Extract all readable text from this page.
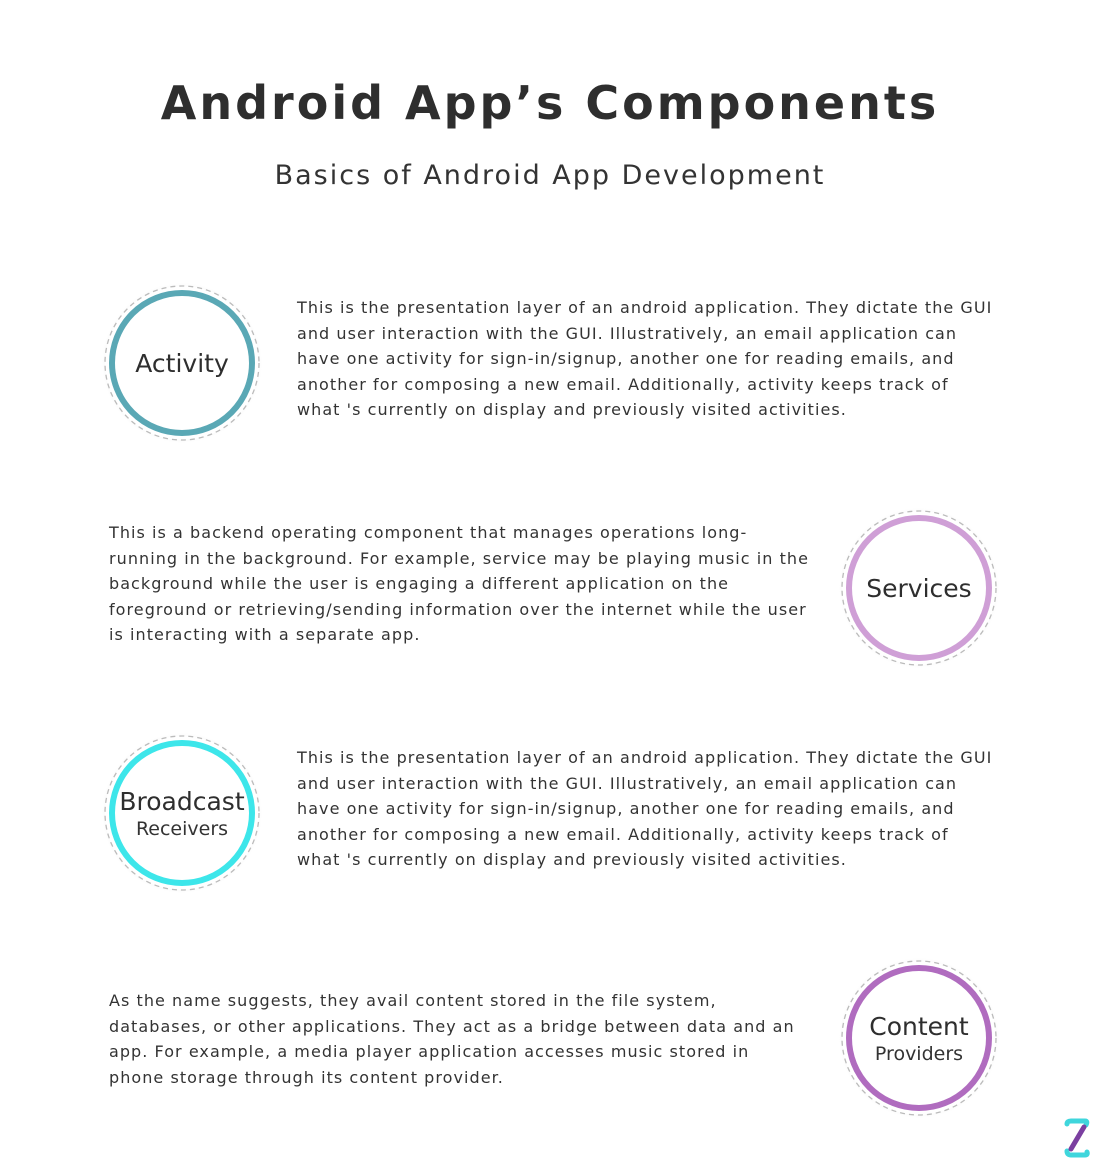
Android App’s Components
Basics of Android App Development
Activity
This is the presentation layer of an android application. They dictate the GUI and user interaction with the GUI. Illustratively, an email application can have one activity for sign-in/signup, another one for reading emails, and another for composing a new email. Additionally, activity keeps track of what 's currently on display and previously visited activities.
Services
This is a backend operating component that manages operations long-running in the background. For example, service may be playing music in the background while the user is engaging a different application on the foreground or retrieving/sending information over the internet while the user is interacting with a separate app.
Broadcast
Receivers
This is the presentation layer of an android application. They dictate the GUI and user interaction with the GUI. Illustratively, an email application can have one activity for sign-in/signup, another one for reading emails, and another for composing a new email. Additionally, activity keeps track of what 's currently on display and previously visited activities.
Content
Providers
As the name suggests, they avail content stored in the file system, databases, or other applications. They act as a bridge between data and an app. For example, a media player application accesses music stored in phone storage through its content provider.
